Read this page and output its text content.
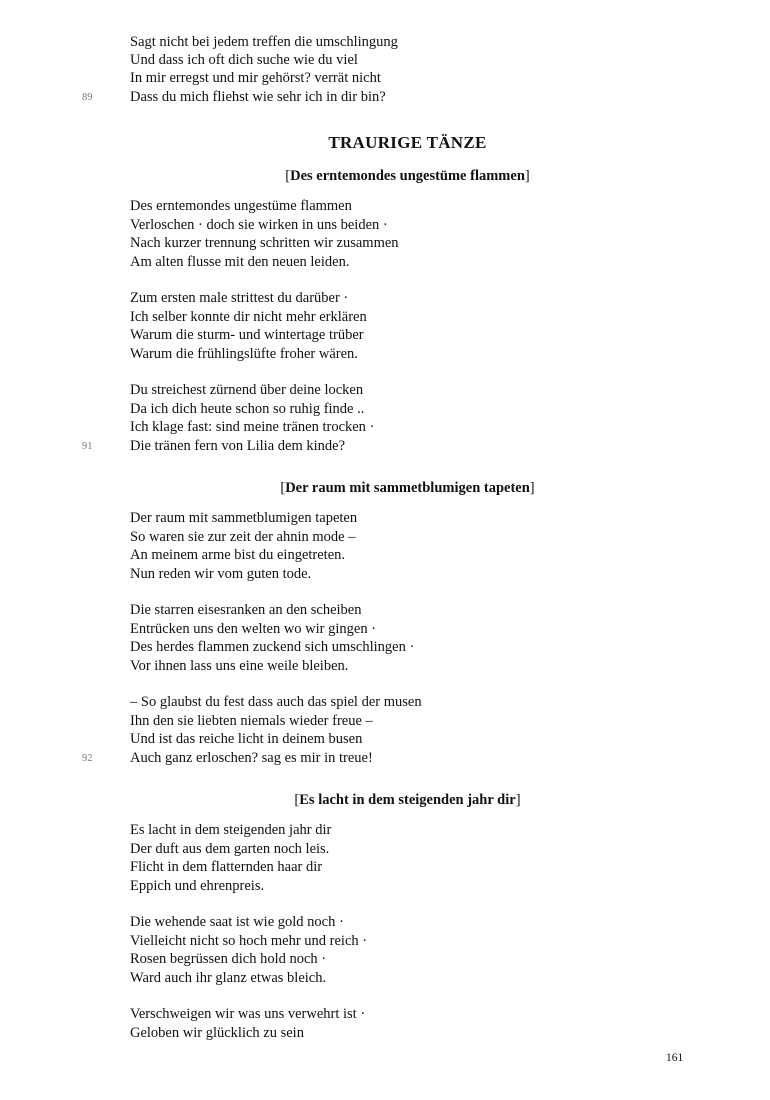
Sagt nicht bei jedem treffen die umschlingung
Und dass ich oft dich suche wie du viel
In mir erregst und mir gehörst? verrät nicht
Dass du mich fliehst wie sehr ich in dir bin?
89
TRAURIGE TÄNZE
[Des erntemondes ungestüme flammen]
Des erntemondes ungestüme flammen
Verloschen · doch sie wirken in uns beiden ·
Nach kurzer trennung schritten wir zusammen
Am alten flusse mit den neuen leiden.
Zum ersten male strittest du darüber ·
Ich selber konnte dir nicht mehr erklären
Warum die sturm- und wintertage trüber
Warum die frühlingslüfte froher wären.
Du streichest zürnend über deine locken
Da ich dich heute schon so ruhig finde ..
Ich klage fast: sind meine tränen trocken ·
Die tränen fern von Lilia dem kinde?
91
[Der raum mit sammetblumigen tapeten]
Der raum mit sammetblumigen tapeten
So waren sie zur zeit der ahnin mode –
An meinem arme bist du eingetreten.
Nun reden wir vom guten tode.
Die starren eisesranken an den scheiben
Entrücken uns den welten wo wir gingen ·
Des herdes flammen zuckend sich umschlingen ·
Vor ihnen lass uns eine weile bleiben.
– So glaubst du fest dass auch das spiel der musen
Ihn den sie liebten niemals wieder freue –
Und ist das reiche licht in deinem busen
Auch ganz erloschen? sag es mir in treue!
92
[Es lacht in dem steigenden jahr dir]
Es lacht in dem steigenden jahr dir
Der duft aus dem garten noch leis.
Flicht in dem flatternden haar dir
Eppich und ehrenpreis.
Die wehende saat ist wie gold noch ·
Vielleicht nicht so hoch mehr und reich ·
Rosen begrüssen dich hold noch ·
Ward auch ihr glanz etwas bleich.
Verschweigen wir was uns verwehrt ist ·
Geloben wir glücklich zu sein
161
